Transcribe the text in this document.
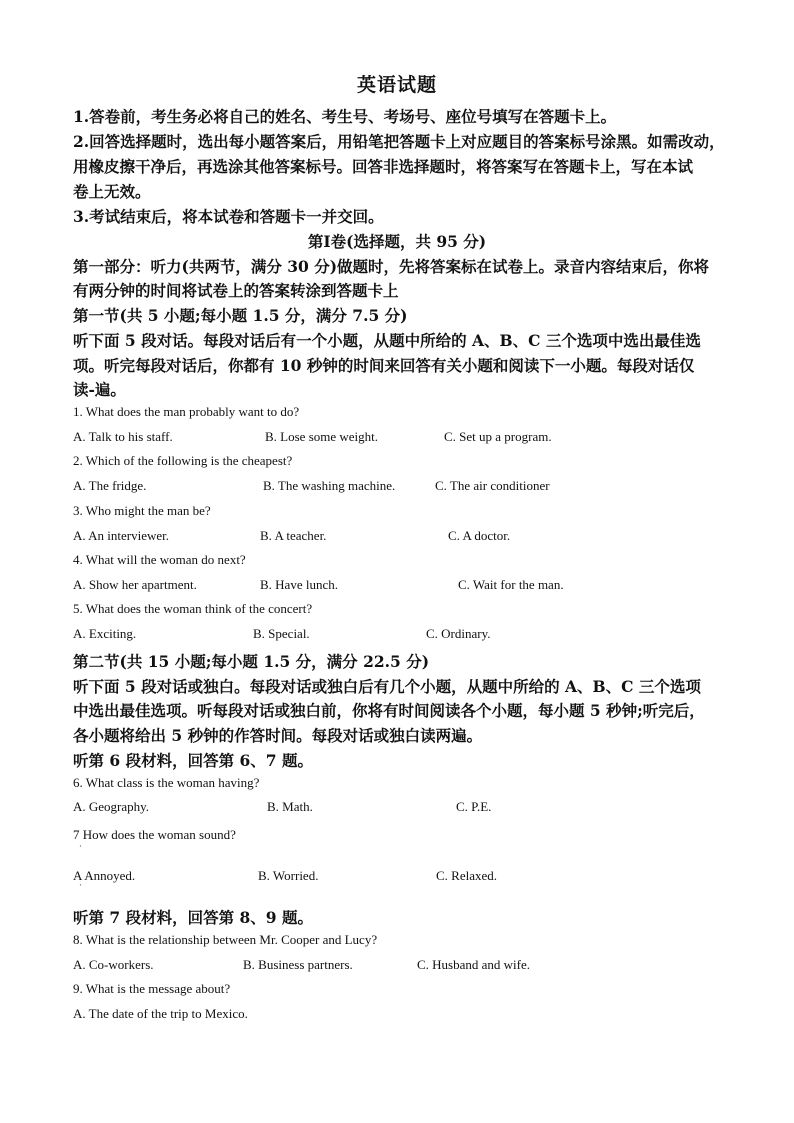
英语试题
1.答卷前，考生务必将自己的姓名、考生号、考场号、座位号填写在答题卡上。
2.回答选择题时，选出每小题答案后，用铅笔把答题卡上对应题目的答案标号涂黑。如需改动，
用橡皮擦干净后，再选涂其他答案标号。回答非选择题时，将答案写在答题卡上，写在本试
卷上无效。
3.考试结束后，将本试卷和答题卡一并交回。
第Ⅰ卷(选择题，共 95 分)
第一部分：听力(共两节，满分 30 分)做题时，先将答案标在试卷上。录音内容结束后，你将
有两分钟的时间将试卷上的答案转涂到答题卡上
第一节(共 5 小题;每小题 1.5 分，满分 7.5 分)
听下面 5 段对话。每段对话后有一个小题，从题中所给的 A、B、C 三个选项中选出最佳选
项。听完每段对话后，你都有 10 秒钟的时间来回答有关小题和阅读下一小题。每段对话仅
读-遍。
1. What does the man probably want to do?
A. Talk to his staff.	B. Lose some weight.	C. Set up a program.
2. Which of the following is the cheapest?
A. The fridge.	B. The washing machine.	C. The air conditioner
3. Who might the man be?
A. An interviewer.	B. A teacher.	C. A doctor.
4. What will the woman do next?
A. Show her apartment.	B. Have lunch.	C. Wait for the man.
5. What does the woman think of the concert?
A. Exciting.	B. Special.	C. Ordinary.
第二节(共 15 小题;每小题 1.5 分，满分 22.5 分)
听下面 5 段对话或独白。每段对话或独白后有几个小题，从题中所给的 A、B、C 三个选项
中选出最佳选项。听每段对话或独白前，你将有时间阅读各个小题，每小题 5 秒钟;听完后，
各小题将给出 5 秒钟的作答时间。每段对话或独白读两遍。
听第 6 段材料，回答第 6、7 题。
6. What class is the woman having?
A. Geography.	B. Math.	C. P.E.
7 How does the woman sound?
·
A Annoyed.	B. Worried.	C. Relaxed.
·
听第 7 段材料，回答第 8、9 题。
8. What is the relationship between Mr. Cooper and Lucy?
A. Co-workers.	B. Business partners.	C. Husband and wife.
9. What is the message about?
A. The date of the trip to Mexico.
